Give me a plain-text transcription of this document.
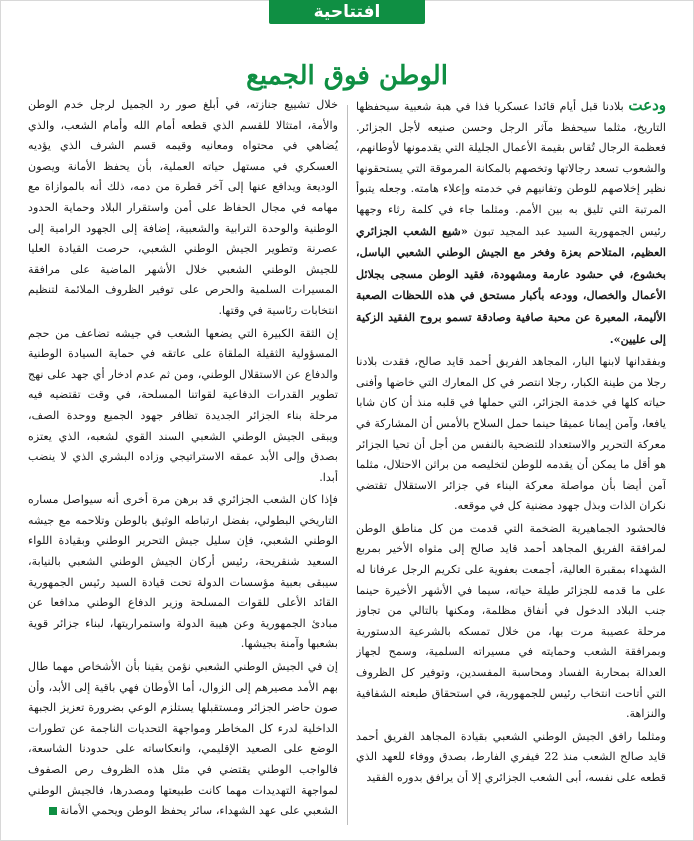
افتتاحية
الوطن فوق الجميع

ودعت بلادنا قبل أيام قائدا عسكريا فذا في هبة شعبية سيحفظها التاريخ، مثلما سيحفظ مآثر الرجل وحسن صنيعه لأجل الجزائر. فعظمة الرجال تُقاس بقيمة الأعمال الجليلة التي يقدمونها لأوطانهم، والشعوب تسعد رجالاتها وتخصهم بالمكانة المرموقة التي يستحقونها نظير إخلاصهم للوطن وتفانيهم في خدمته وإعلاء هامته. وجعله يتبوأ المرتبة التي تليق به بين الأمم. ومثلما جاء في كلمة رثاء وجهها رئيس الجمهورية السيد عبد المجيد تبون «شيع الشعب الجزائري العظيم، المتلاحم بعزة وفخر مع الجيش الوطني الشعبي الباسل، بخشوع، في حشود عارمة ومشهودة، فقيد الوطن مسجى بجلائل الأعمال والخصال، وودعه بأكبار مستحق في هذه اللحظات الصعبة الأليمة، المعبرة عن محبة صافية وصادقة تسمو بروح الفقيد الزكية إلى عليين».

وبفقدانها لابنها البار، المجاهد الفريق أحمد قايد صالح، فقدت بلادنا رجلا من طينة الكبار، رجلا انتصر في كل المعارك التي خاضها وأفنى حياته كلها في خدمة الجزائر، التي حملها في قلبه منذ أن كان شابا يافعا، وآمن إيمانا عميقا حينما حمل السلاح بالأمس أن المشاركة في معركة التحرير والاستعداد للتضحية بالنفس من أجل أن تحيا الجزائر هو أقل ما يمكن أن يقدمه للوطن لتخليصه من براثن الاحتلال، مثلما آمن أيضا بأن مواصلة معركة البناء في جزائر الاستقلال تقتضي نكران الذات وبذل جهود مضنية كل في موقعه.

فالحشود الجماهيرية الضخمة التي قدمت من كل مناطق الوطن لمرافقة الفريق المجاهد أحمد قايد صالح إلى مثواه الأخير بمربع الشهداء بمقبرة العالية، أجمعت بعفوية على تكريم الرجل عرفانا له على ما قدمه للجزائر طيلة حياته، سيما في الأشهر الأخيرة حينما جنب البلاد الدخول في أنفاق مظلمة، ومكنها بالتالي من تجاوز مرحلة عصيبة مرت بها، من خلال تمسكه بالشرعية الدستورية وبمرافقة الشعب وحمايته في مسيراته السلمية، وسمح لجهاز العدالة بمحاربة الفساد ومحاسبة المفسدين، وتوفير كل الظروف التي أتاحت انتخاب رئيس للجمهورية، في استحقاق طبعته الشفافية والنزاهة.

ومثلما رافق الجيش الوطني الشعبي بقيادة المجاهد الفريق أحمد قايد صالح الشعب منذ 22 فيفري الفارط، بصدق ووفاء للعهد الذي قطعه على نفسه، أبى الشعب الجزائري إلا أن يرافق بدوره الفقيد

خلال تشييع جنازته، في أبلغ صور رد الجميل لرجل خدم الوطن والأمة، امتثالا للقسم الذي قطعه أمام الله وأمام الشعب، والذي يُضاهي في محتواه ومعانيه وقيمه قسم الشرف الذي يؤديه العسكري في مستهل حياته العملية، بأن يحفظ الأمانة ويصون الوديعة ويدافع عنها إلى آخر قطرة من دمه، ذلك أنه بالموازاة مع مهامه في مجال الحفاظ على أمن واستقرار البلاد وحماية الحدود الوطنية والوحدة الترابية والشعبية، إضافة إلى الجهود الرامية إلى عصرنة وتطوير الجيش الوطني الشعبي، حرصت القيادة العليا للجيش الوطني الشعبي خلال الأشهر الماضية على مرافقة المسيرات السلمية والحرص على توفير الظروف الملائمة لتنظيم انتخابات رئاسية في وقتها.

إن الثقة الكبيرة التي يضعها الشعب في جيشه تضاعف من حجم المسؤولية الثقيلة الملقاة على عاتقه في حماية السيادة الوطنية والدفاع عن الاستقلال الوطني، ومن ثم عدم ادخار أي جهد على نهج تطوير القدرات الدفاعية لقواتنا المسلحة، في وقت تقتضيه فيه مرحلة بناء الجزائر الجديدة تظافر جهود الجميع ووحدة الصف، ويبقى الجيش الوطني الشعبي السند القوي لشعبه، الذي يعتزه بصدق وإلى الأبد عمقه الاستراتيجي وزاده البشري الذي لا ينضب أبدا.

فإذا كان الشعب الجزائري قد برهن مرة أخرى أنه سيواصل مساره التاريخي البطولي، بفضل ارتباطه الوثيق بالوطن وتلاحمه مع جيشه الوطني الشعبي، فإن سليل جيش التحرير الوطني وبقيادة اللواء السعيد شنقريحة، رئيس أركان الجيش الوطني الشعبي بالنيابة، سيبقى بعبية مؤسسات الدولة تحت قيادة السيد رئيس الجمهورية القائد الأعلى للقوات المسلحة وزير الدفاع الوطني مدافعا عن مبادئ الجمهورية وعن هيبة الدولة واستمراريتها، لبناء جزائر قوية بشعبها وآمنة بجيشها.

إن في الجيش الوطني الشعبي نؤمن يقينا بأن الأشخاص مهما طال بهم الأمد مصيرهم إلى الزوال، أما الأوطان فهي باقية إلى الأبد، وأن صون حاضر الجزائر ومستقبلها يستلزم الوعي بضرورة تعزيز الجبهة الداخلية لدرء كل المخاطر ومواجهة التحديات الناجمة عن تطورات الوضع على الصعيد الإقليمي، وانعكاساته على حدودنا الشاسعة، فالواجب الوطني يقتضي في مثل هذه الظروف رص الصفوف لمواجهة التهديدات مهما كانت طبيعتها ومصدرها، فالجيش الوطني الشعبي على عهد الشهداء، سائر يحفظ الوطن ويحمي الأمانة
